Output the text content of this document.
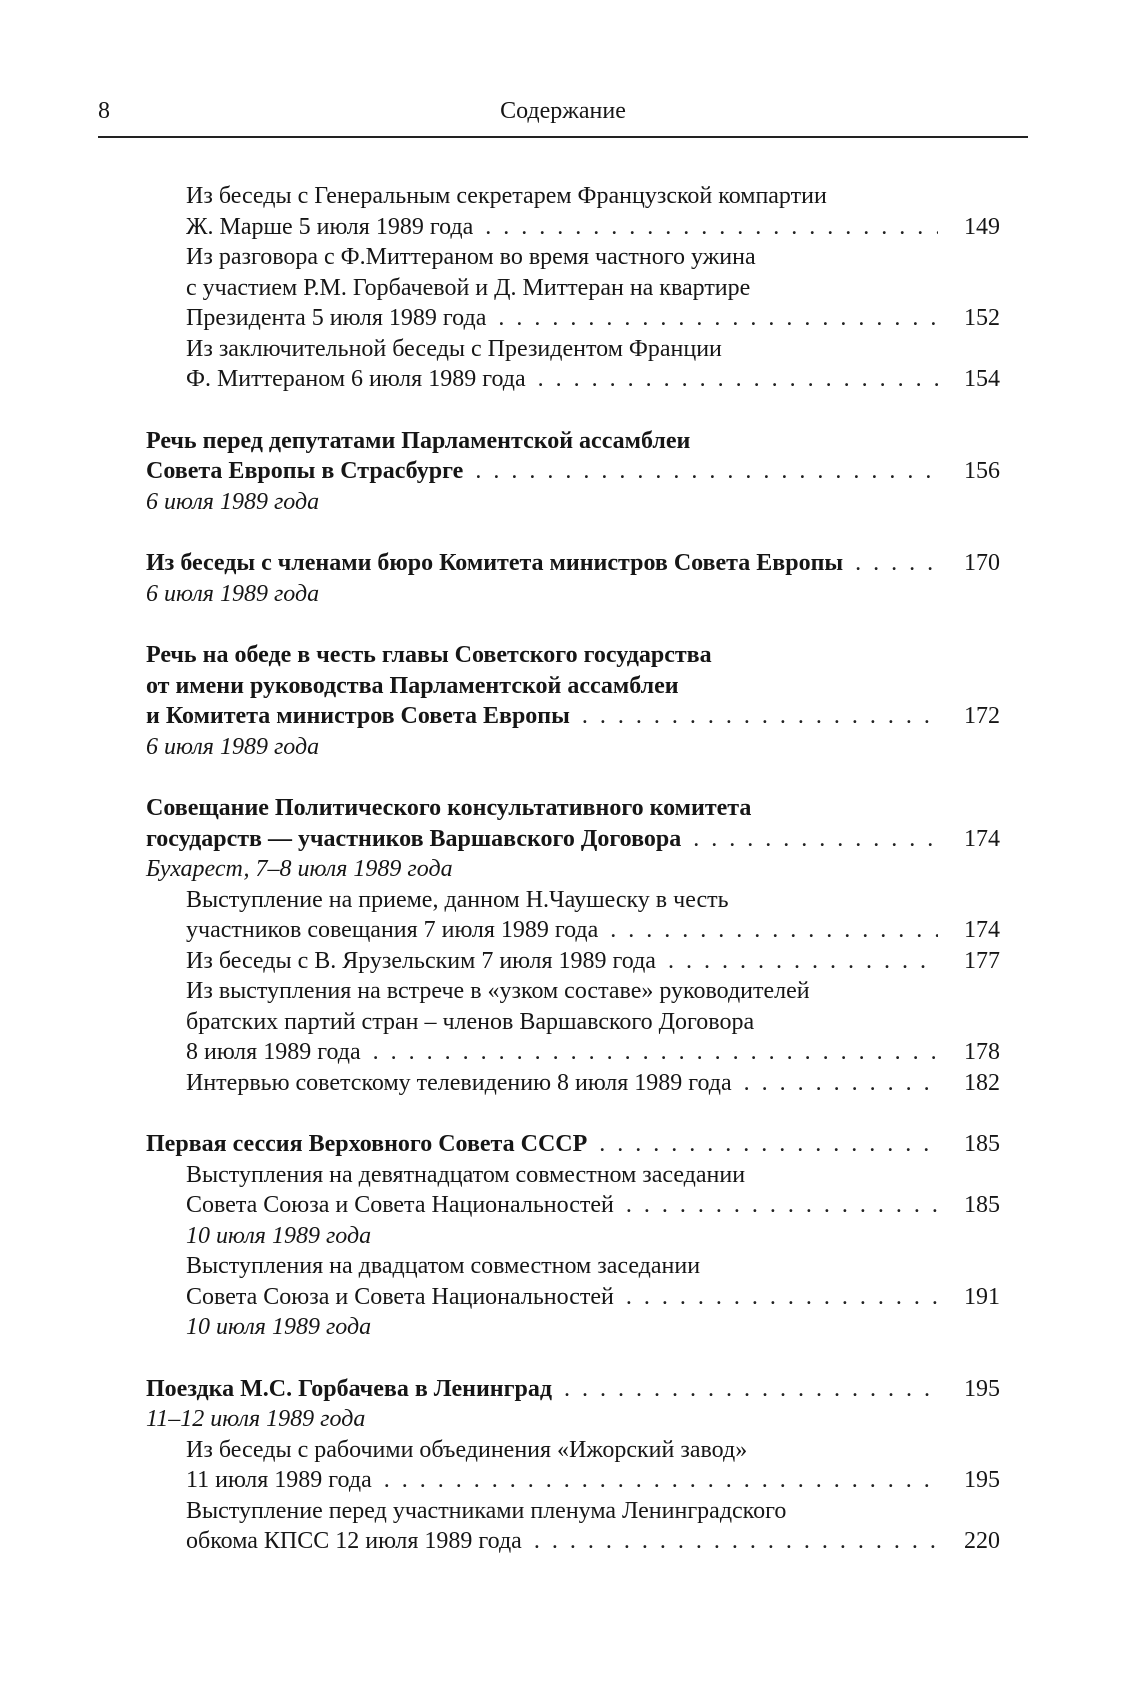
8	Содержание
Из беседы с Генеральным секретарем Французской компартии
Ж. Марше 5 июля 1989 года . . .	149
Из разговора с Ф.Миттераном во время частного ужина
с участием Р.М. Горбачевой и Д. Миттеран на квартире
Президента 5 июля 1989 года . . .	152
Из заключительной беседы с Президентом Франции
Ф. Миттераном 6 июля 1989 года . . .	154
Речь перед депутатами Парламентской ассамблеи
Совета Европы в Страсбурге . . .	156
6 июля 1989 года
Из беседы с членами бюро Комитета министров Совета Европы . . .	170
6 июля 1989 года
Речь на обеде в честь главы Советского государства
от имени руководства Парламентской ассамблеи
и Комитета министров Совета Европы . . .	172
6 июля 1989 года
Совещание Политического консультативного комитета
государств — участников Варшавского Договора . . .	174
Бухарест, 7–8 июля 1989 года
Выступление на приеме, данном Н.Чаушеску в честь
участников совещания 7 июля 1989 года . . .	174
Из беседы с В. Ярузельским 7 июля 1989 года . . .	177
Из выступления на встрече в «узком составе» руководителей
братских партий стран – членов Варшавского Договора
8 июля 1989 года . . .	178
Интервью советскому телевидению 8 июля 1989 года . . .	182
Первая сессия Верховного Совета СССР . . .	185
Выступления на девятнадцатом совместном заседании
Совета Союза и Совета Национальностей . . .	185
10 июля 1989 года
Выступления на двадцатом совместном заседании
Совета Союза и Совета Национальностей . . .	191
10 июля 1989 года
Поездка М.С. Горбачева в Ленинград . . .	195
11–12 июля 1989 года
Из беседы с рабочими объединения «Ижорский завод»
11 июля 1989 года . . .	195
Выступление перед участниками пленума Ленинградского
обкома КПСС 12 июля 1989 года . . .	220
